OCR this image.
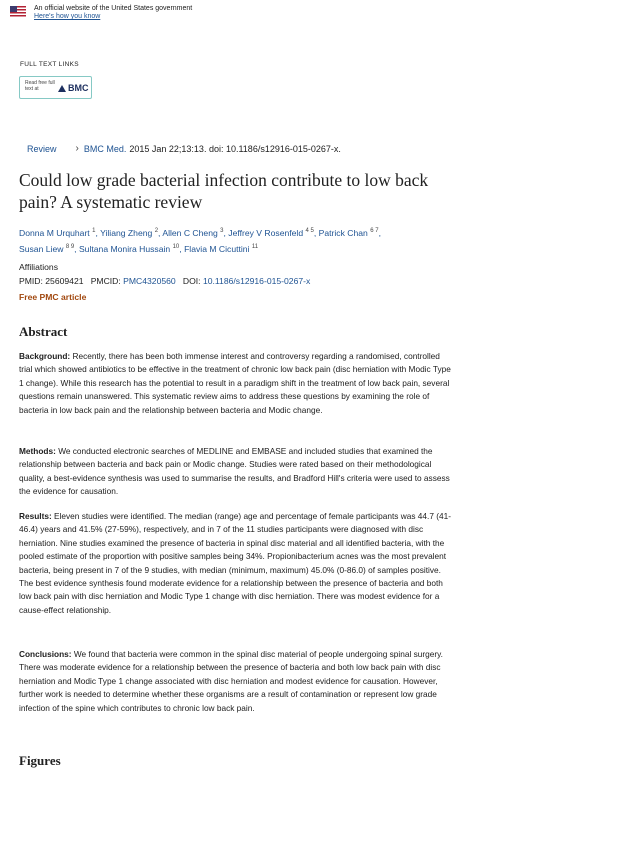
An official website of the United States government
Here's how you know
FULL TEXT LINKS
Read free full text at	BMC
Review › BMC Med. 2015 Jan 22;13:13. doi: 10.1186/s12916-015-0267-x.
Could low grade bacterial infection contribute to low back pain? A systematic review
Donna M Urquhart $^1$, Yiliang Zheng $^2$, Allen C Cheng $^3$, Jeffrey V Rosenfeld $^{4 5}$, Patrick Chan $^{6 7}$,
Susan Liew $^{8 9}$, Sultana Monira Hussain $^{10}$, Flavia M Cicuttini $^{11}$
Affiliations
PMID: 25609421 PMCID: PMC4320560 DOI: 10.1186/s12916-015-0267-x
Free PMC article
Abstract

Background: Recently, there has been both immense interest and controversy regarding a randomised, controlled trial which showed antibiotics to be effective in the treatment of chronic low back pain (disc herniation with Modic Type 1 change). While this research has the potential to result in a paradigm shift in the treatment of low back pain, several questions remain unanswered. This systematic review aims to address these questions by examining the role of bacteria in low back pain and the relationship between bacteria and Modic change.

Methods: We conducted electronic searches of MEDLINE and EMBASE and included studies that examined the relationship between bacteria and back pain or Modic change. Studies were rated based on their methodological quality, a best-evidence synthesis was used to summarise the results, and Bradford Hill's criteria were used to assess the evidence for causation.

Results: Eleven studies were identified. The median (range) age and percentage of female participants was 44.7 (41-46.4) years and 41.5% (27-59%), respectively, and in 7 of the 11 studies participants were diagnosed with disc herniation. Nine studies examined the presence of bacteria in spinal disc material and all identified bacteria, with the pooled estimate of the proportion with positive samples being 34%. Propionibacterium acnes was the most prevalent bacteria, being present in 7 of the 9 studies, with median (minimum, maximum) 45.0% (0-86.0) of samples positive. The best evidence synthesis found moderate evidence for a relationship between the presence of bacteria and both low back pain with disc herniation and Modic Type 1 change with disc herniation. There was modest evidence for a cause-effect relationship.

Conclusions: We found that bacteria were common in the spinal disc material of people undergoing spinal surgery. There was moderate evidence for a relationship between the presence of bacteria and both low back pain with disc herniation and Modic Type 1 change associated with disc herniation and modest evidence for causation. However, further work is needed to determine whether these organisms are a result of contamination or represent low grade infection of the spine which contributes to chronic low back pain.

Figures
